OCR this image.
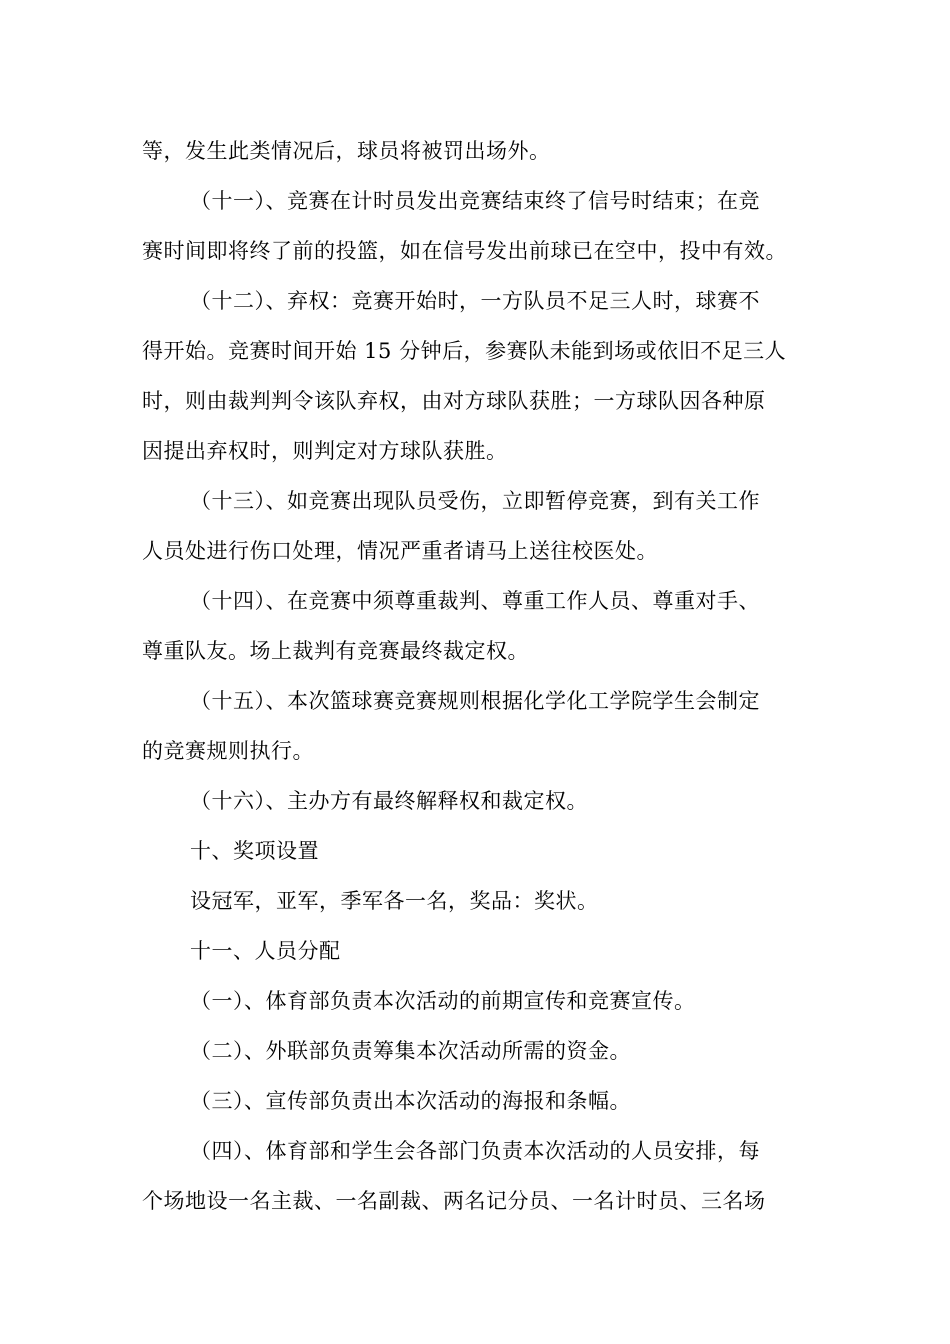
等，发生此类情况后，球员将被罚出场外。
（十一）、竞赛在计时员发出竞赛结束终了信号时结束；在竞
赛时间即将终了前的投篮，如在信号发出前球已在空中，投中有效。
（十二）、弃权：竞赛开始时，一方队员不足三人时，球赛不
得开始。竞赛时间开始 15 分钟后，参赛队未能到场或依旧不足三人
时，则由裁判判令该队弃权，由对方球队获胜；一方球队因各种原
因提出弃权时，则判定对方球队获胜。
（十三）、如竞赛出现队员受伤，立即暂停竞赛，到有关工作
人员处进行伤口处理，情况严重者请马上送往校医处。
（十四）、在竞赛中须尊重裁判、尊重工作人员、尊重对手、
尊重队友。场上裁判有竞赛最终裁定权。
（十五）、本次篮球赛竞赛规则根据化学化工学院学生会制定
的竞赛规则执行。
（十六）、主办方有最终解释权和裁定权。
十、奖项设置
设冠军，亚军，季军各一名，奖品：奖状。
十一、人员分配
（一）、体育部负责本次活动的前期宣传和竞赛宣传。
（二）、外联部负责筹集本次活动所需的资金。
（三）、宣传部负责出本次活动的海报和条幅。
（四）、体育部和学生会各部门负责本次活动的人员安排，每
个场地设一名主裁、一名副裁、两名记分员、一名计时员、三名场
